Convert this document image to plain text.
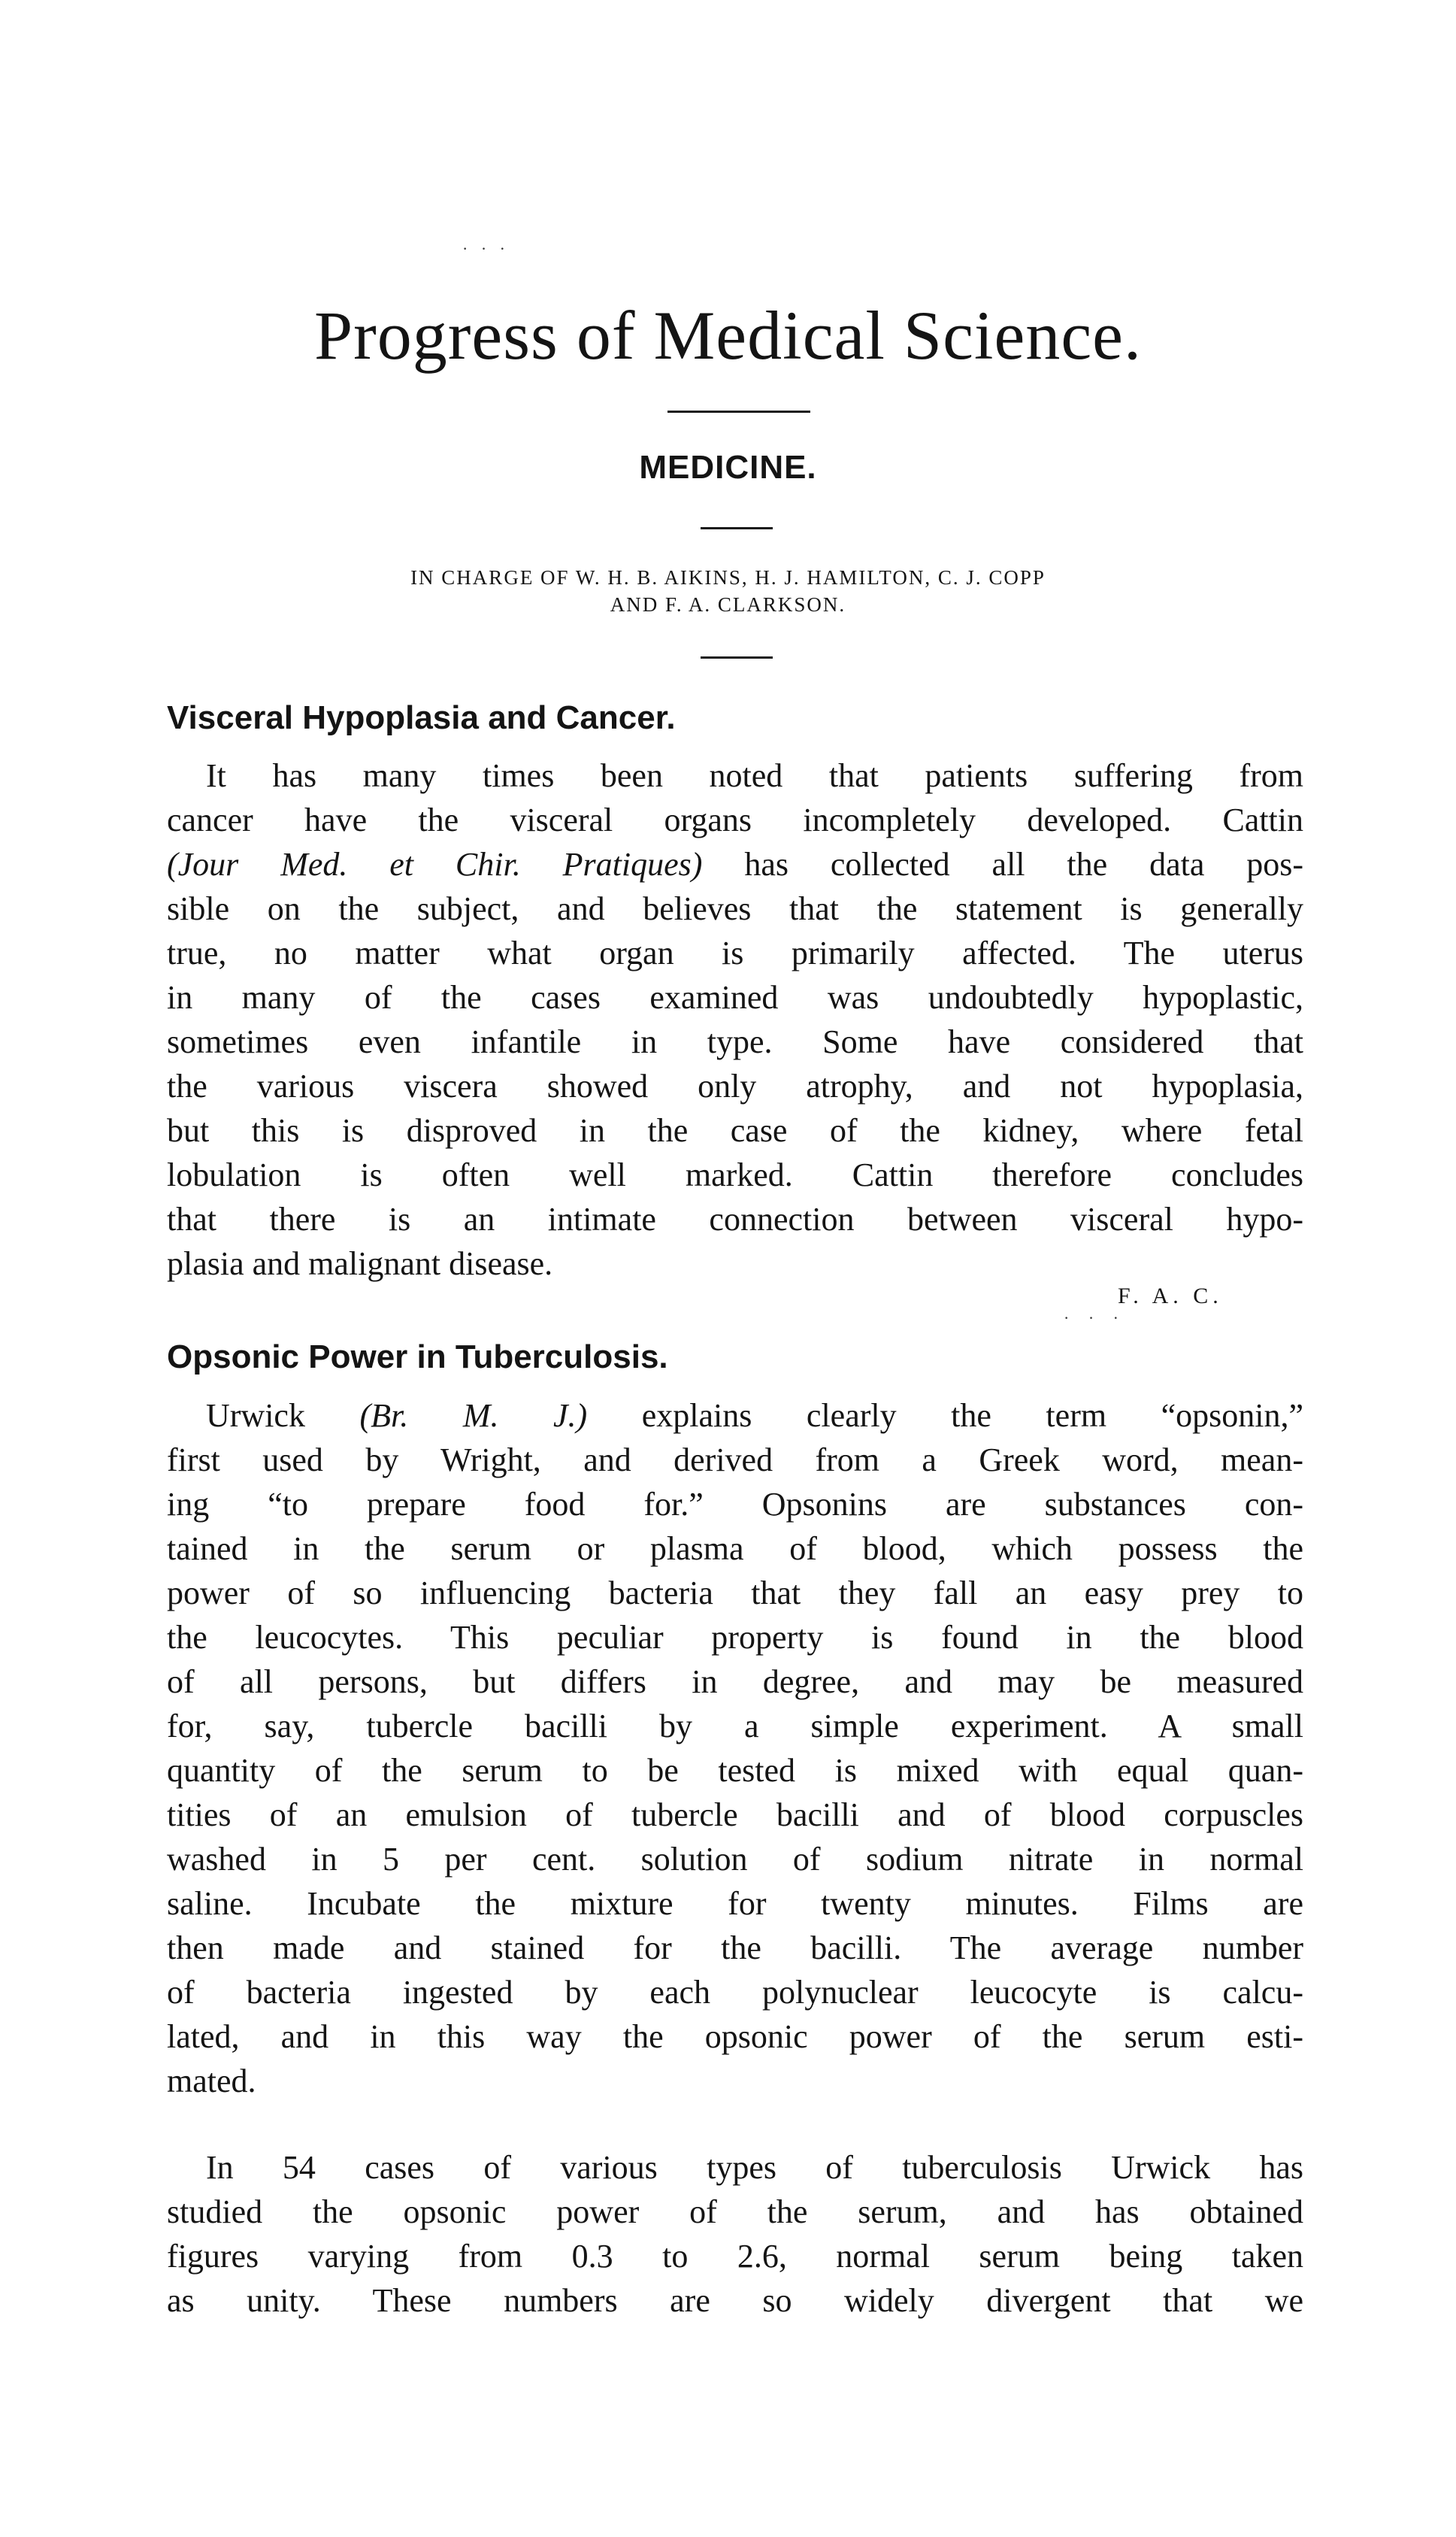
· · ·
Progress of Medical Science.
MEDICINE.
IN CHARGE OF W. H. B. AIKINS, H. J. HAMILTON, C. J. COPP
AND F. A. CLARKSON.
Visceral Hypoplasia and Cancer.
It has many times been noted that patients suffering from
cancer have the visceral organs incompletely developed. Cattin
(Jour Med. et Chir. Pratiques) has collected all the data pos-
sible on the subject, and believes that the statement is generally
true, no matter what organ is primarily affected. The uterus
in many of the cases examined was undoubtedly hypoplastic,
sometimes even infantile in type. Some have considered that
the various viscera showed only atrophy, and not hypoplasia,
but this is disproved in the case of the kidney, where fetal
lobulation is often well marked. Cattin therefore concludes
that there is an intimate connection between visceral hypo-
plasia and malignant disease.
F. A. C.
· · ·
Opsonic Power in Tuberculosis.
Urwick (Br. M. J.) explains clearly the term “opsonin,”
first used by Wright, and derived from a Greek word, mean-
ing “to prepare food for.” Opsonins are substances con-
tained in the serum or plasma of blood, which possess the
power of so influencing bacteria that they fall an easy prey to
the leucocytes. This peculiar property is found in the blood
of all persons, but differs in degree, and may be measured
for, say, tubercle bacilli by a simple experiment. A small
quantity of the serum to be tested is mixed with equal quan-
tities of an emulsion of tubercle bacilli and of blood corpuscles
washed in 5 per cent. solution of sodium nitrate in normal
saline. Incubate the mixture for twenty minutes. Films are
then made and stained for the bacilli. The average number
of bacteria ingested by each polynuclear leucocyte is calcu-
lated, and in this way the opsonic power of the serum esti-
mated.
In 54 cases of various types of tuberculosis Urwick has
studied the opsonic power of the serum, and has obtained
figures varying from 0.3 to 2.6, normal serum being taken
as unity. These numbers are so widely divergent that we
